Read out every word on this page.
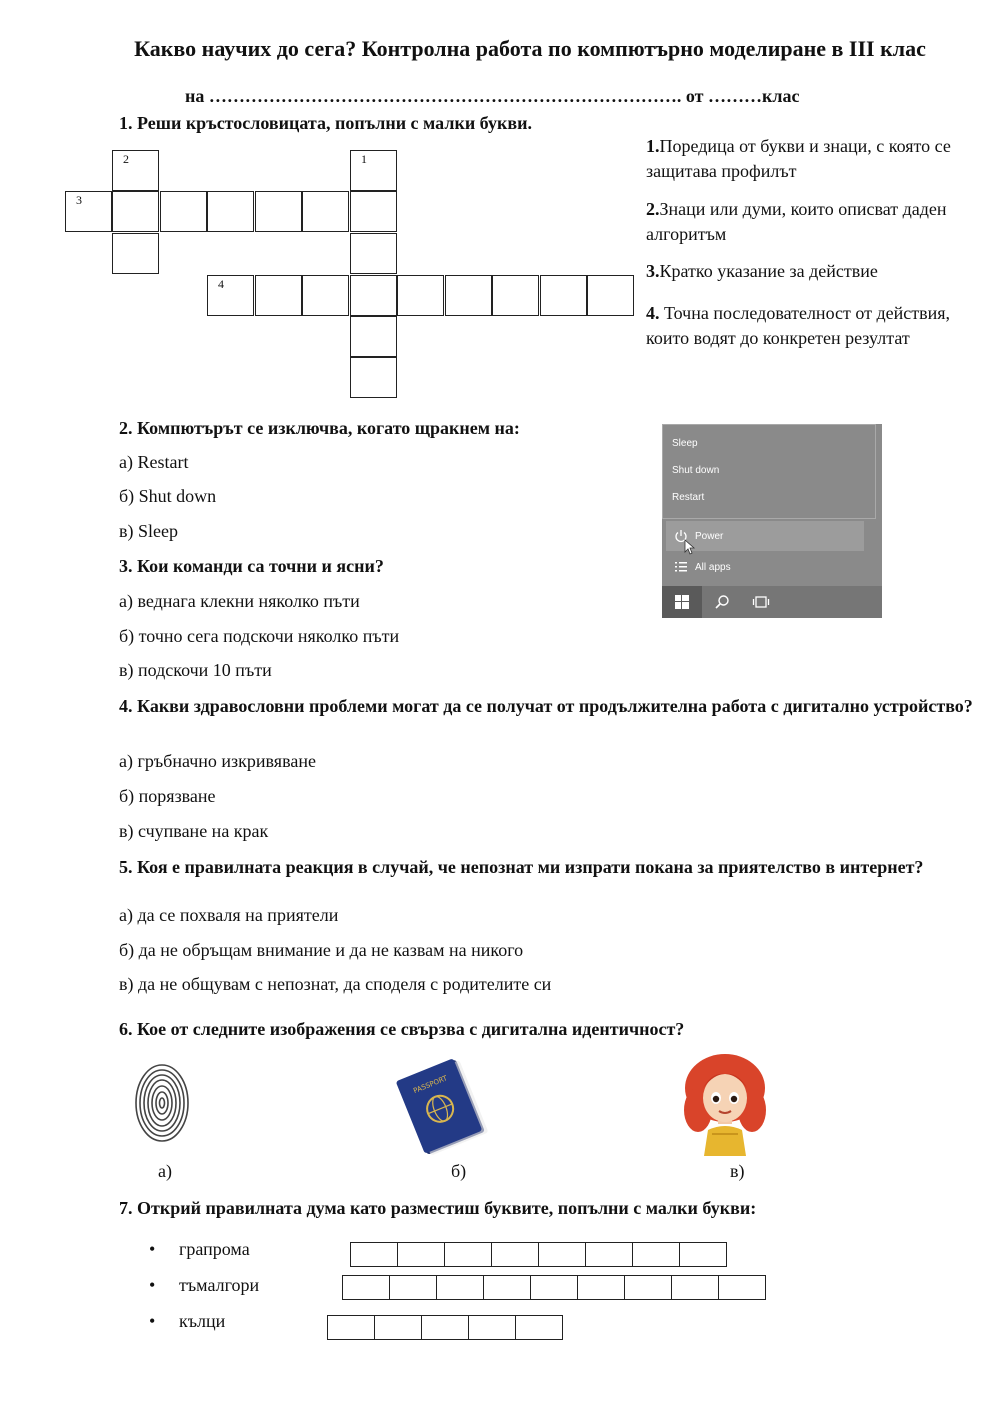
Какво научих до сега? Контролна работа по компютърно моделиране в III клас
на ……………………………………………………………………. от ………клас
1. Реши кръстословицата, попълни с малки букви.
2	1
3
4
1.Поредица от букви и знаци, с която се защитава профилът
2.Знаци или думи, които описват даден алгоритъм
3.Кратко указание за действие
4. Точна последователност от действия, които водят до конкретен резултат
2. Компютърът се изключва, когато щракнем на:
а) Restart
б) Shut down
в) Sleep
Sleep
Shut down
Restart
Power
All apps
3. Кои команди са точни и ясни?
а) веднага клекни няколко пъти
б) точно сега подскочи няколко пъти
в) подскочи 10 пъти
4. Какви здравословни проблеми могат да се получат от продължителна работа с дигитално устройство?
а) гръбначно изкривяване
б) порязване
в) счупване на крак
5. Коя е правилната реакция в случай, че непознат ми изпрати покана за приятелство в интернет?
а) да се похваля на приятели
б) да не обръщам внимание и да не казвам на никого
в) да не общувам с непознат, да споделя с родителите си
6. Кое от следните изображения се свързва с дигитална идентичност?
PASSPORT
а)	б)	в)
7. Открий правилната дума като разместиш буквите, попълни с малки букви:
• грапрома
• тъмалгори
• кълци
